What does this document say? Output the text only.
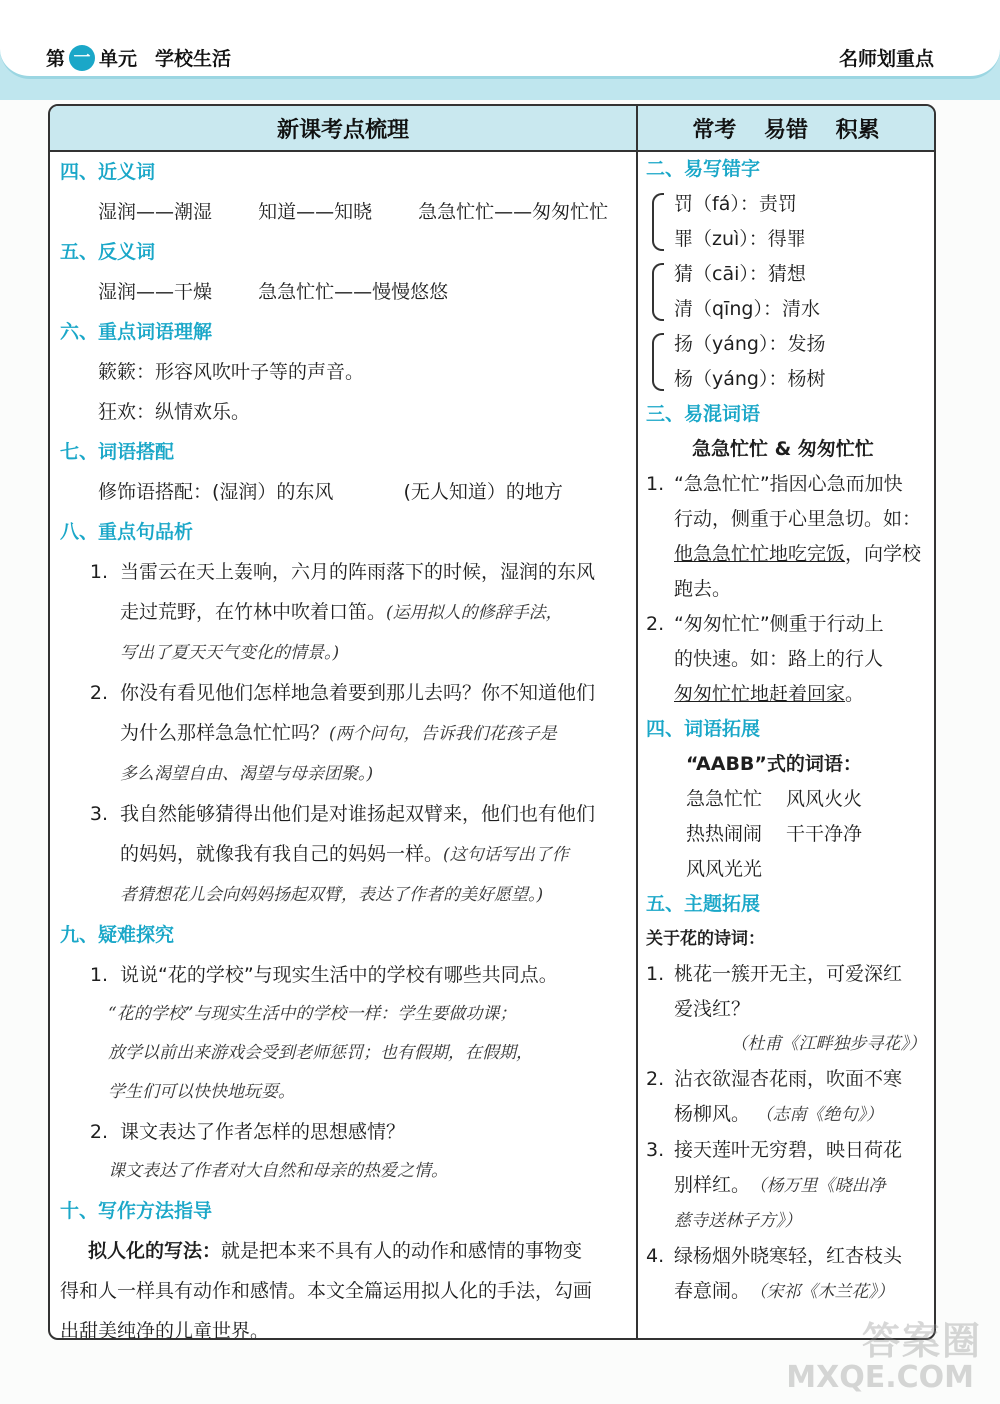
第 一 单元 学校生活	名师划重点
新课考点梳理	常考 易错 积累
四、近义词
湿润——潮湿 知道——知晓 急急忙忙——匆匆忙忙
五、反义词
湿润——干燥 急急忙忙——慢慢悠悠
六、重点词语理解
簌簌：形容风吹叶子等的声音。
狂欢：纵情欢乐。
七、词语搭配
修饰语搭配：(湿润）的东风	(无人知道）的地方
八、重点句品析
1. 当雷云在天上轰响，六月的阵雨落下的时候，湿润的东风
走过荒野，在竹林中吹着口笛。(运用拟人的修辞手法，
写出了夏天天气变化的情景。)
2. 你没有看见他们怎样地急着要到那儿去吗？你不知道他们
为什么那样急急忙忙吗？(两个问句，告诉我们花孩子是
多么渴望自由、渴望与母亲团聚。)
3. 我自然能够猜得出他们是对谁扬起双臂来，他们也有他们
的妈妈，就像我有我自己的妈妈一样。(这句话写出了作
者猜想花儿会向妈妈扬起双臂，表达了作者的美好愿望。)
九、疑难探究
1. 说说“花的学校”与现实生活中的学校有哪些共同点。
“花的学校”与现实生活中的学校一样：学生要做功课；
放学以前出来游戏会受到老师惩罚；也有假期，在假期，
学生们可以快快地玩耍。
2. 课文表达了作者怎样的思想感情？
课文表达了作者对大自然和母亲的热爱之情。
十、写作方法指导
拟人化的写法：就是把本来不具有人的动作和感情的事物变
得和人一样具有动作和感情。本文全篇运用拟人化的手法，勾画
出甜美纯净的儿童世界。
二、易写错字
罚（fá）：责罚
罪（zuì）：得罪
猜（cāi）：猜想
清（qīng）：清水
扬（yáng）：发扬
杨（yáng）：杨树
三、易混词语
急急忙忙 & 匆匆忙忙
1. “急急忙忙”指因心急而加快
行动，侧重于心里急切。如：
他急急忙忙地吃完饭，向学校
跑去。
2. “匆匆忙忙”侧重于行动上
的快速。如：路上的行人
匆匆忙忙地赶着回家。
四、词语拓展
“AABB”式的词语：
急急忙忙 风风火火
热热闹闹 干干净净
风风光光
五、主题拓展
关于花的诗词：
1. 桃花一簇开无主，可爱深红
爱浅红？
（杜甫《江畔独步寻花》）
2. 沾衣欲湿杏花雨，吹面不寒
杨柳风。 （志南《绝句》）
3. 接天莲叶无穷碧，映日荷花
别样红。 （杨万里《晓出净
慈寺送林子方》）
4. 绿杨烟外晓寒轻，红杏枝头
春意闹。 （宋祁《木兰花》）
答案圈
MXQE.COM
